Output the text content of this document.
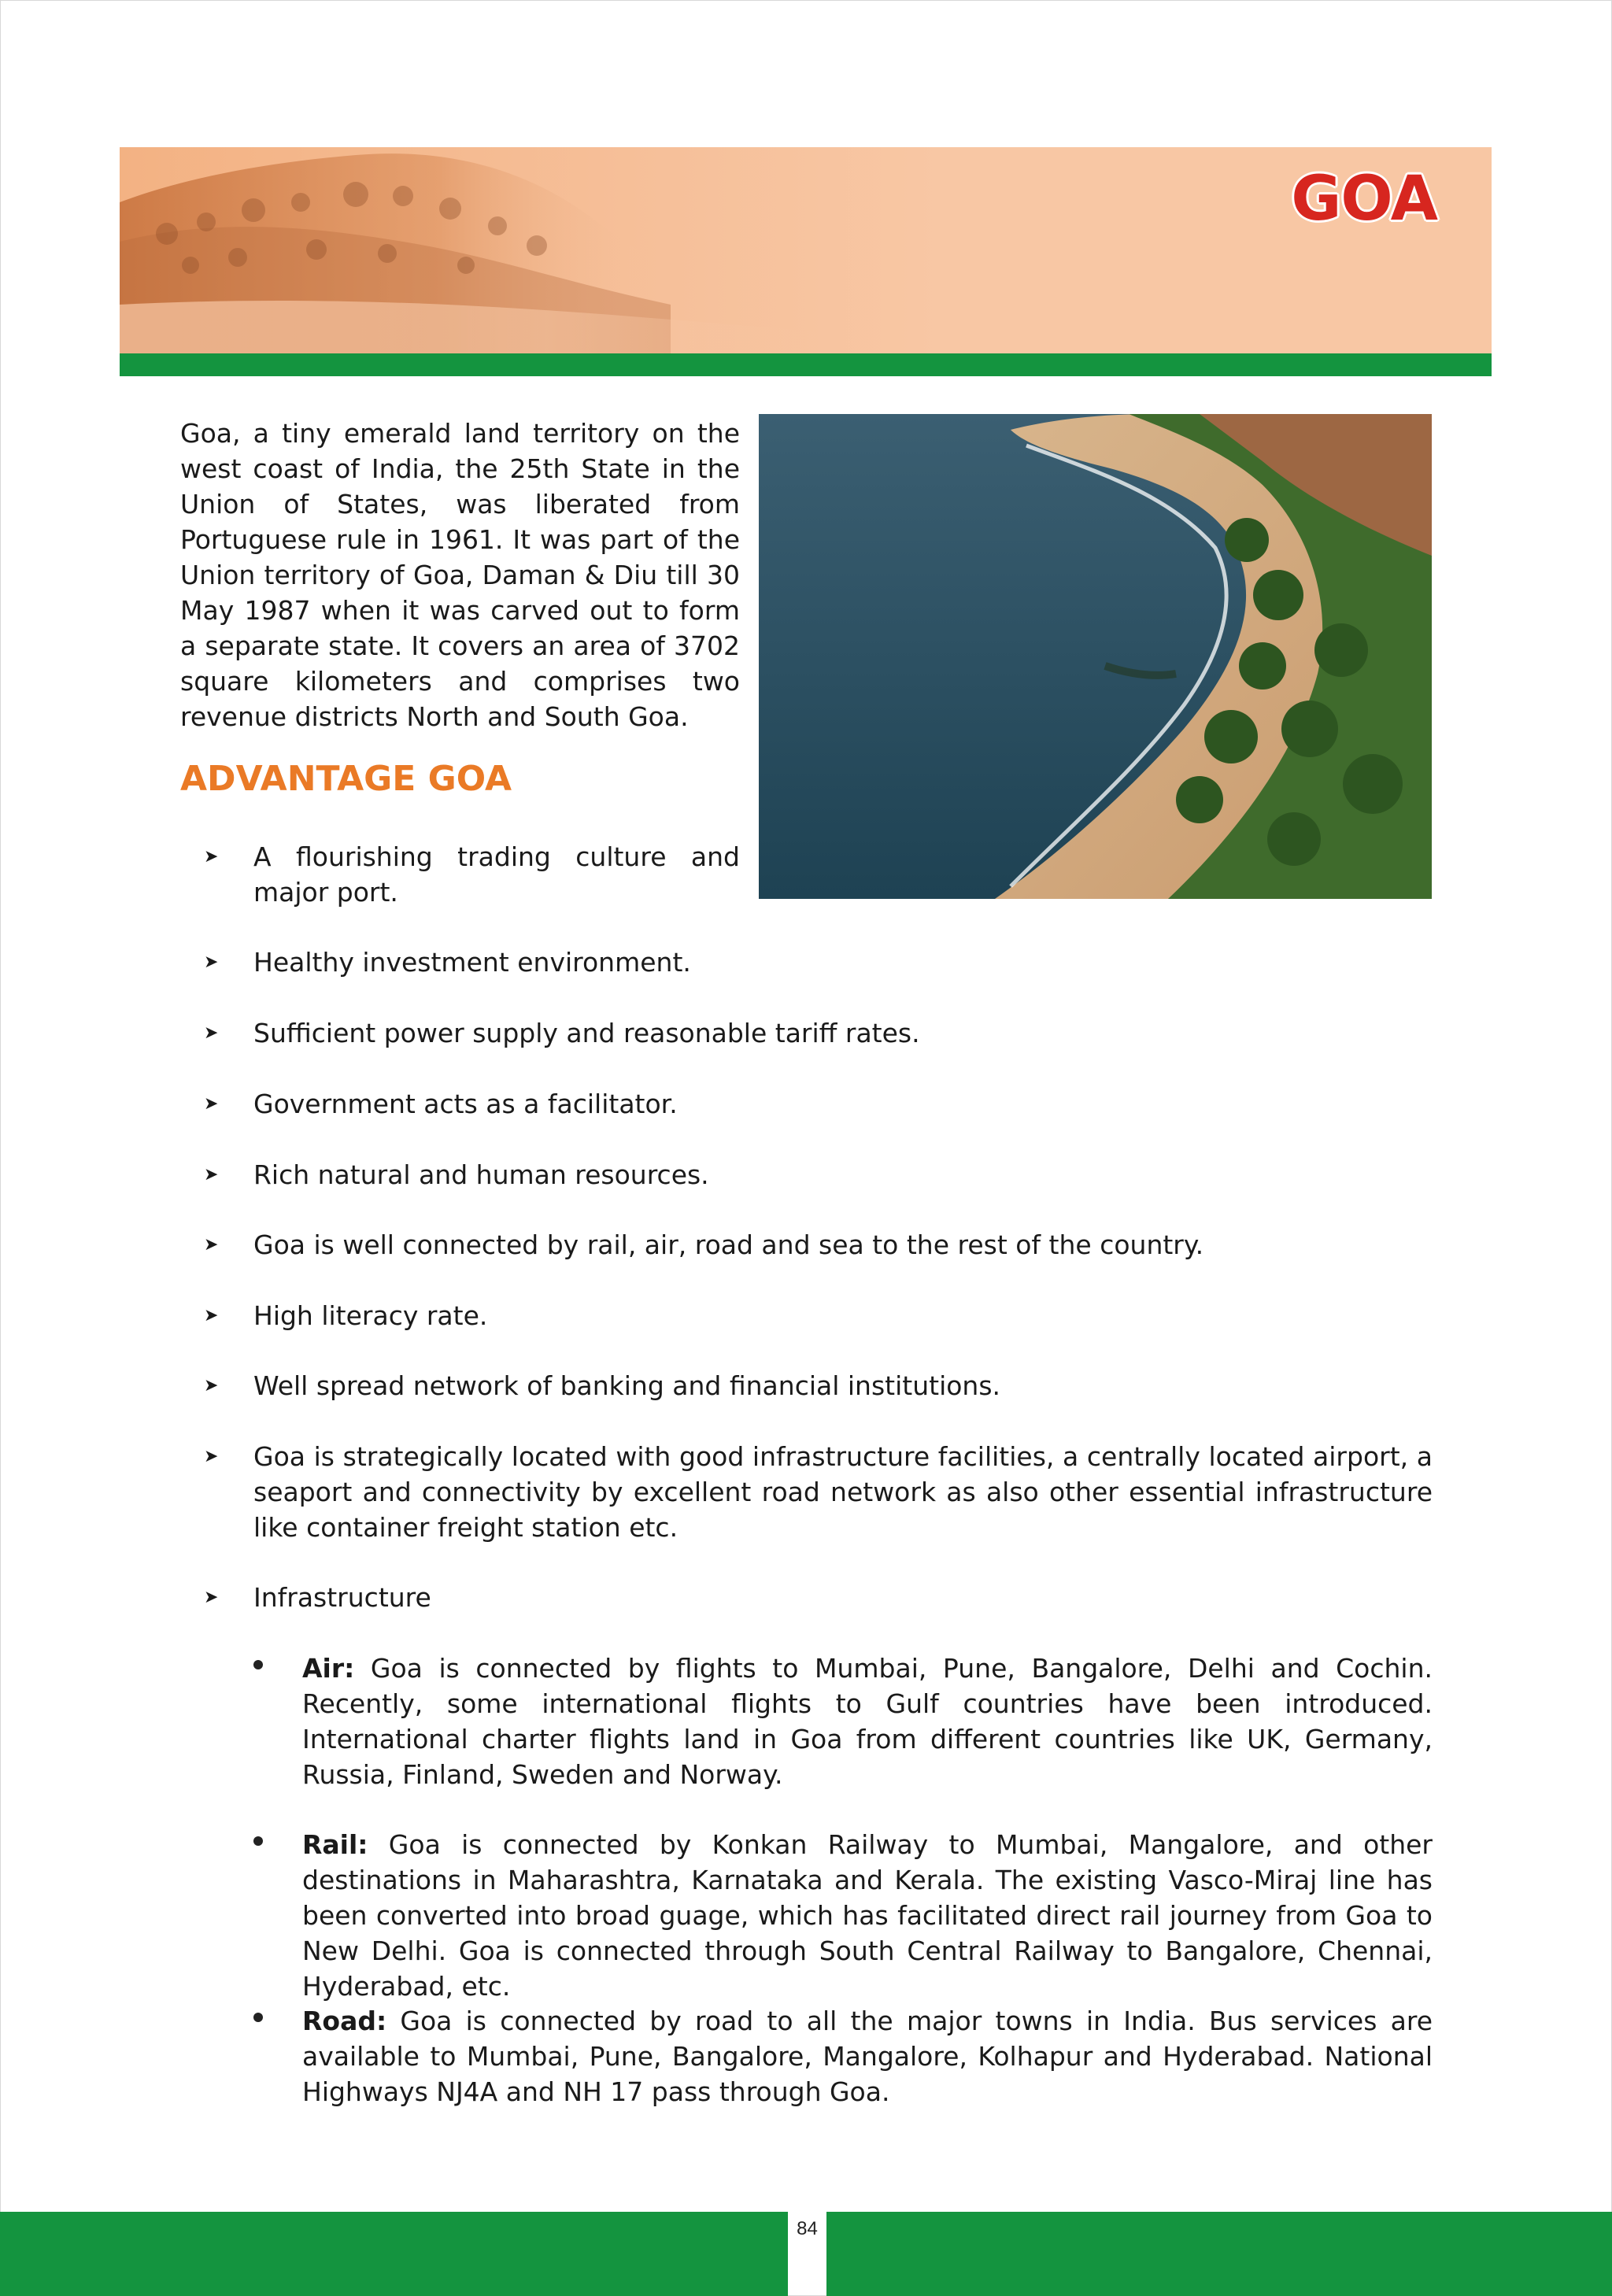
GOA
Goa, a tiny emerald land territory on the west coast of India, the 25th State in the Union of States, was liberated from Portuguese rule in 1961. It was part of the Union territory of Goa, Daman & Diu till 30 May 1987 when it was carved out to form a separate state. It covers an area of 3702 square kilometers and comprises two revenue districts North and South Goa.
ADVANTAGE GOA
➤ A flourishing trading culture and major port.
➤ Healthy investment environment.
➤ Sufficient power supply and reasonable tariff rates.
➤ Government acts as a facilitator.
➤ Rich natural and human resources.
➤ Goa is well connected by rail, air, road and sea to the rest of the country.
➤ High literacy rate.
➤ Well spread network of banking and financial institutions.
➤ Goa is strategically located with good infrastructure facilities, a centrally located airport, a seaport and connectivity by excellent road network as also other essential infrastructure like container freight station etc.
➤ Infrastructure
Air: Goa is connected by flights to Mumbai, Pune, Bangalore, Delhi and Cochin. Recently, some international flights to Gulf countries have been introduced. International charter flights land in Goa from different countries like UK, Germany, Russia, Finland, Sweden and Norway.
Rail: Goa is connected by Konkan Railway to Mumbai, Mangalore, and other destinations in Maharashtra, Karnataka and Kerala. The existing Vasco-Miraj line has been converted into broad guage, which has facilitated direct rail journey from Goa to New Delhi. Goa is connected through South Central Railway to Bangalore, Chennai, Hyderabad, etc.
Road: Goa is connected by road to all the major towns in India. Bus services are available to Mumbai, Pune, Bangalore, Mangalore, Kolhapur and Hyderabad. National Highways NJ4A and NH 17 pass through Goa.
84
